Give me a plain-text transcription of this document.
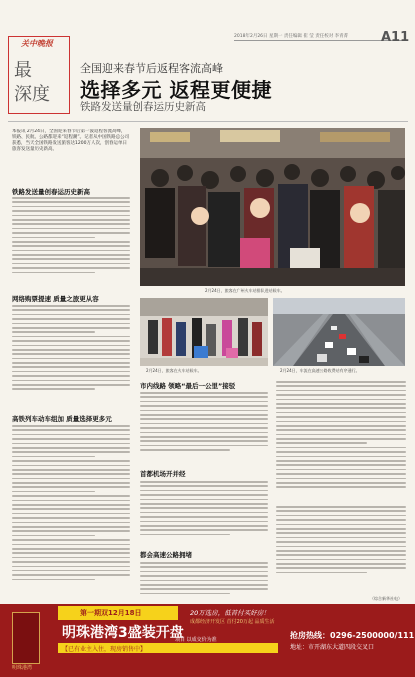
关中晚报
最
深度
2018年2月26日 星期一 责任编辑 崔 莹 责任校对 李青菁	A11
全国迎来春节后返程客流高峰
选择多元 返程更便捷
铁路发送量创春运历史新高
本报讯 2月24日，全国迎来春节后第一波返程客流高峰，铁路、民航、公路都迎来“返程潮”。记者从中国铁路总公司获悉，当天全国铁路发送旅客达1200万人次，创春运单日旅客发送量历史新高。
2月24日，旅客在广州火车站排队进站候车。
铁路发送量创春运历史新高
网络购票提速 质量之旅更从容
高铁列车动车组加 质量选择更多元
2月24日，旅客在火车站候车。	2月24日，车流在高速公路收费站有序通行。
市内线路 领略“最后一公里”接驳
首都机场开并经
都会高速公路拥堵
（综合新华社电）
明珠港湾
第一期双12月18日
明珠港湾3盛装开盘
20万选房，低首付买好房！
成都经济开发区 首付20万起 品质生活
项目 以成交价为准
【已有业主入住，现房销售中】
抢房热线：0296-2500000/111
地址：市开湖东大道四段交叉口
